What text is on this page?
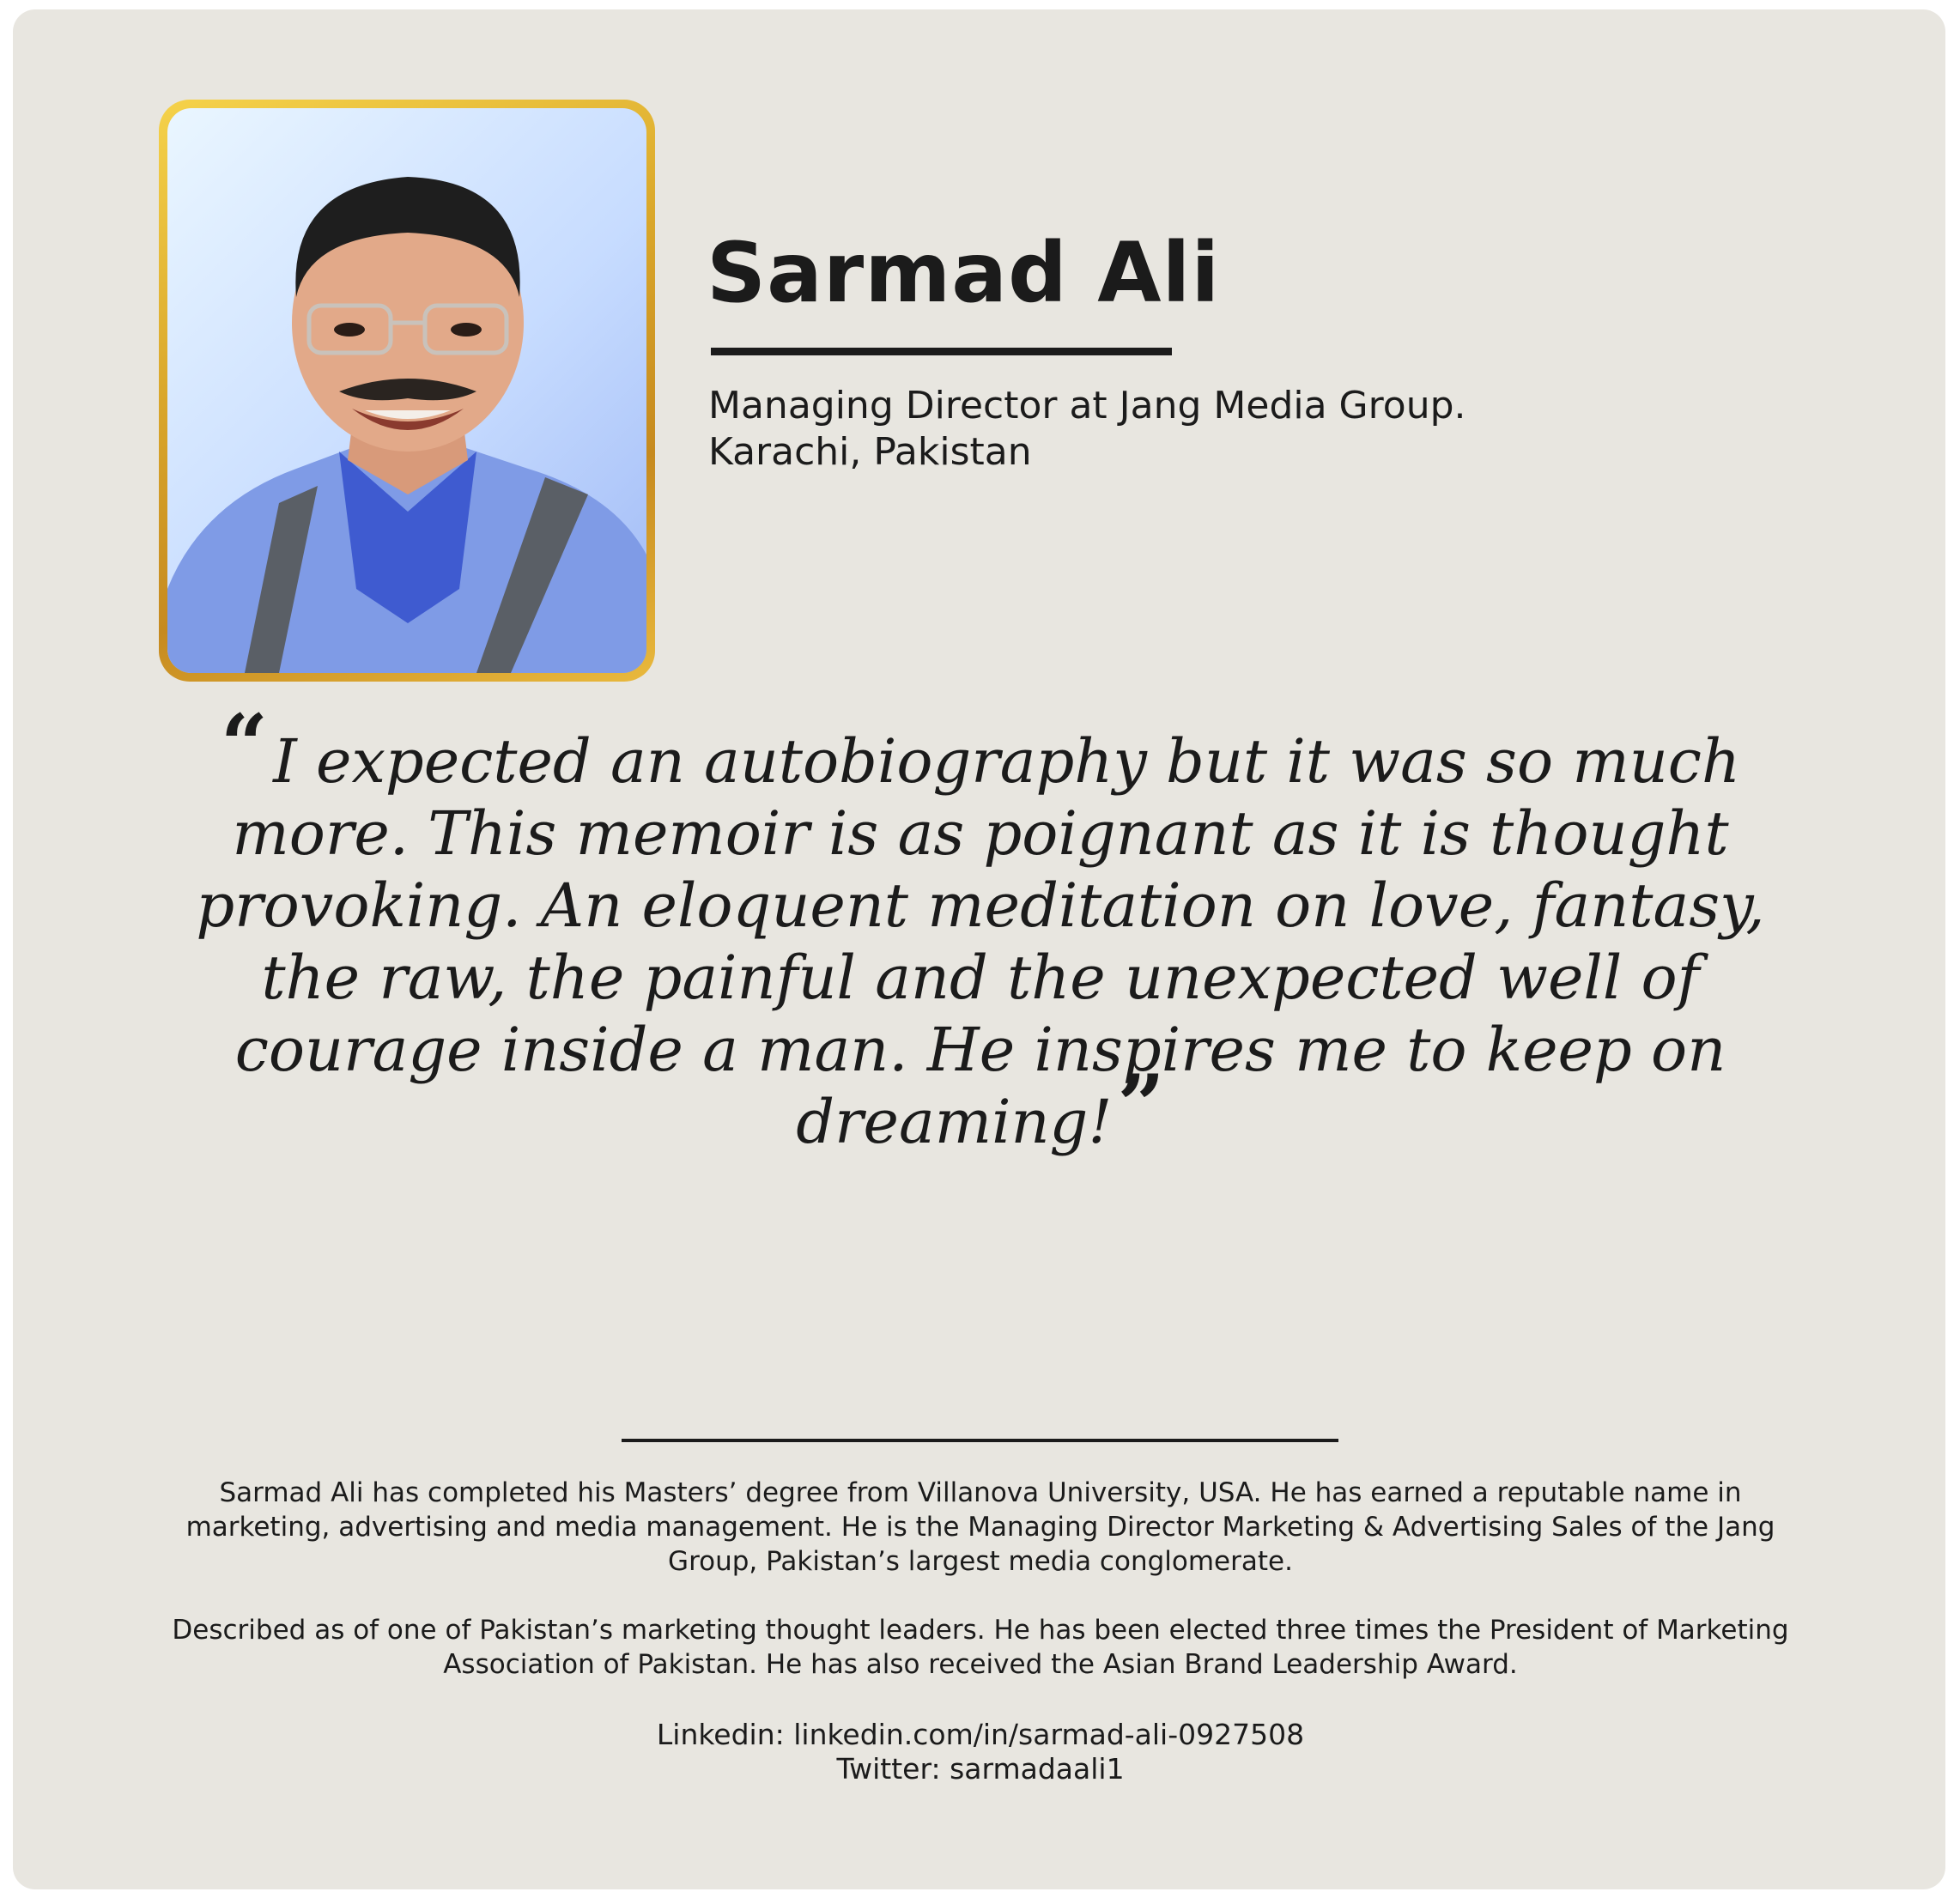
Sarmad Ali
Managing Director at Jang Media Group.
Karachi, Pakistan
“I expected an autobiography but it was so much more. This memoir is as poignant as it is thought provoking. An eloquent meditation on love, fantasy, the raw, the painful and the unexpected well of courage inside a man. He inspires me to keep on dreaming!”

Sarmad Ali has completed his Masters’ degree from Villanova University, USA. He has earned a reputable name in marketing, advertising and media management. He is the Managing Director Marketing & Advertising Sales of the Jang Group, Pakistan’s largest media conglomerate.

Described as of one of Pakistan’s marketing thought leaders. He has been elected three times the President of Marketing Association of Pakistan. He has also received the Asian Brand Leadership Award.

Linkedin: linkedin.com/in/sarmad-ali-0927508
Twitter: sarmadaali1
